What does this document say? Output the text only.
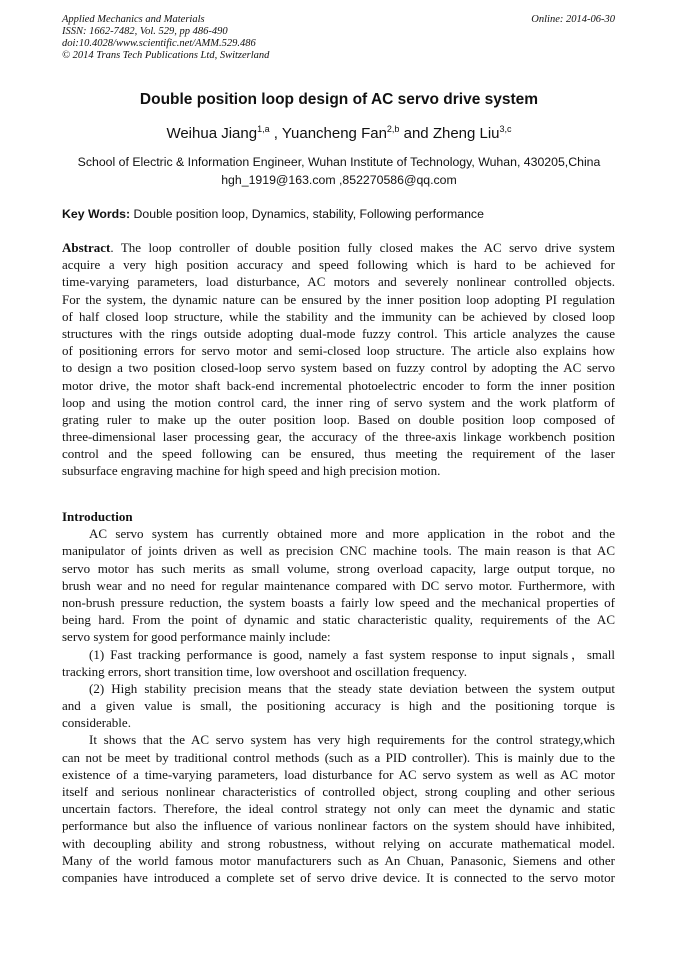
Applied Mechanics and Materials
ISSN: 1662-7482, Vol. 529, pp 486-490
doi:10.4028/www.scientific.net/AMM.529.486
© 2014 Trans Tech Publications Ltd, Switzerland
Online: 2014-06-30
Double position loop design of AC servo drive system
Weihua Jiang$^{1,a}$ , Yuancheng Fan$^{2,b}$ and Zheng Liu$^{3,c}$
School of Electric & Information Engineer, Wuhan Institute of Technology, Wuhan, 430205,China
hgh_1919@163.com ,852270586@qq.com
Key Words: Double position loop, Dynamics, stability, Following performance
Abstract. The loop controller of double position fully closed makes the AC servo drive system
acquire a very high position accuracy and speed following which is hard to be achieved for
time-varying parameters, load disturbance, AC motors and severely nonlinear controlled objects.
For the system, the dynamic nature can be ensured by the inner position loop adopting PI regulation
of half closed loop structure, while the stability and the immunity can be achieved by closed loop
structures with the rings outside adopting dual-mode fuzzy control. This article analyzes the cause
of positioning errors for servo motor and semi-closed loop structure. The article also explains how
to design a two position closed-loop servo system based on fuzzy control by adopting the AC servo
motor drive, the motor shaft back-end incremental photoelectric encoder to form the inner position
loop and using the motion control card, the inner ring of servo system and the work platform of
grating ruler to make up the outer position loop. Based on double position loop composed of
three-dimensional laser processing gear, the accuracy of the three-axis linkage workbench position
control and the speed following can be ensured, thus meeting the requirement of the laser
subsurface engraving machine for high speed and high precision motion.
Introduction
AC servo system has currently obtained more and more application in the robot and the
manipulator of joints driven as well as precision CNC machine tools. The main reason is that AC
servo motor has such merits as small volume, strong overload capacity, large output torque, no
brush wear and no need for regular maintenance compared with DC servo motor. Furthermore, with
non-brush pressure reduction, the system boasts a fairly low speed and the mechanical properties of
being hard. From the point of dynamic and static characteristic quality, requirements of the AC
servo system for good performance mainly include:
(1) Fast tracking performance is good, namely a fast system response to input signals，small
tracking errors, short transition time, low overshoot and oscillation frequency.
(2) High stability precision means that the steady state deviation between the system output
and a given value is small, the positioning accuracy is high and the positioning torque is
considerable.
It shows that the AC servo system has very high requirements for the control strategy,which
can not be meet by traditional control methods (such as a PID controller). This is mainly due to the
existence of a time-varying parameters, load disturbance for AC servo system as well as AC motor
itself and serious nonlinear characteristics of controlled object, strong coupling and other serious
uncertain factors. Therefore, the ideal control strategy not only can meet the dynamic and static
performance but also the influence of various nonlinear factors on the system should have inhibited,
with decoupling ability and strong robustness, without relying on accurate mathematical model.
Many of the world famous motor manufacturers such as An Chuan, Panasonic, Siemens and other
companies have introduced a complete set of servo drive device. It is connected to the servo motor
